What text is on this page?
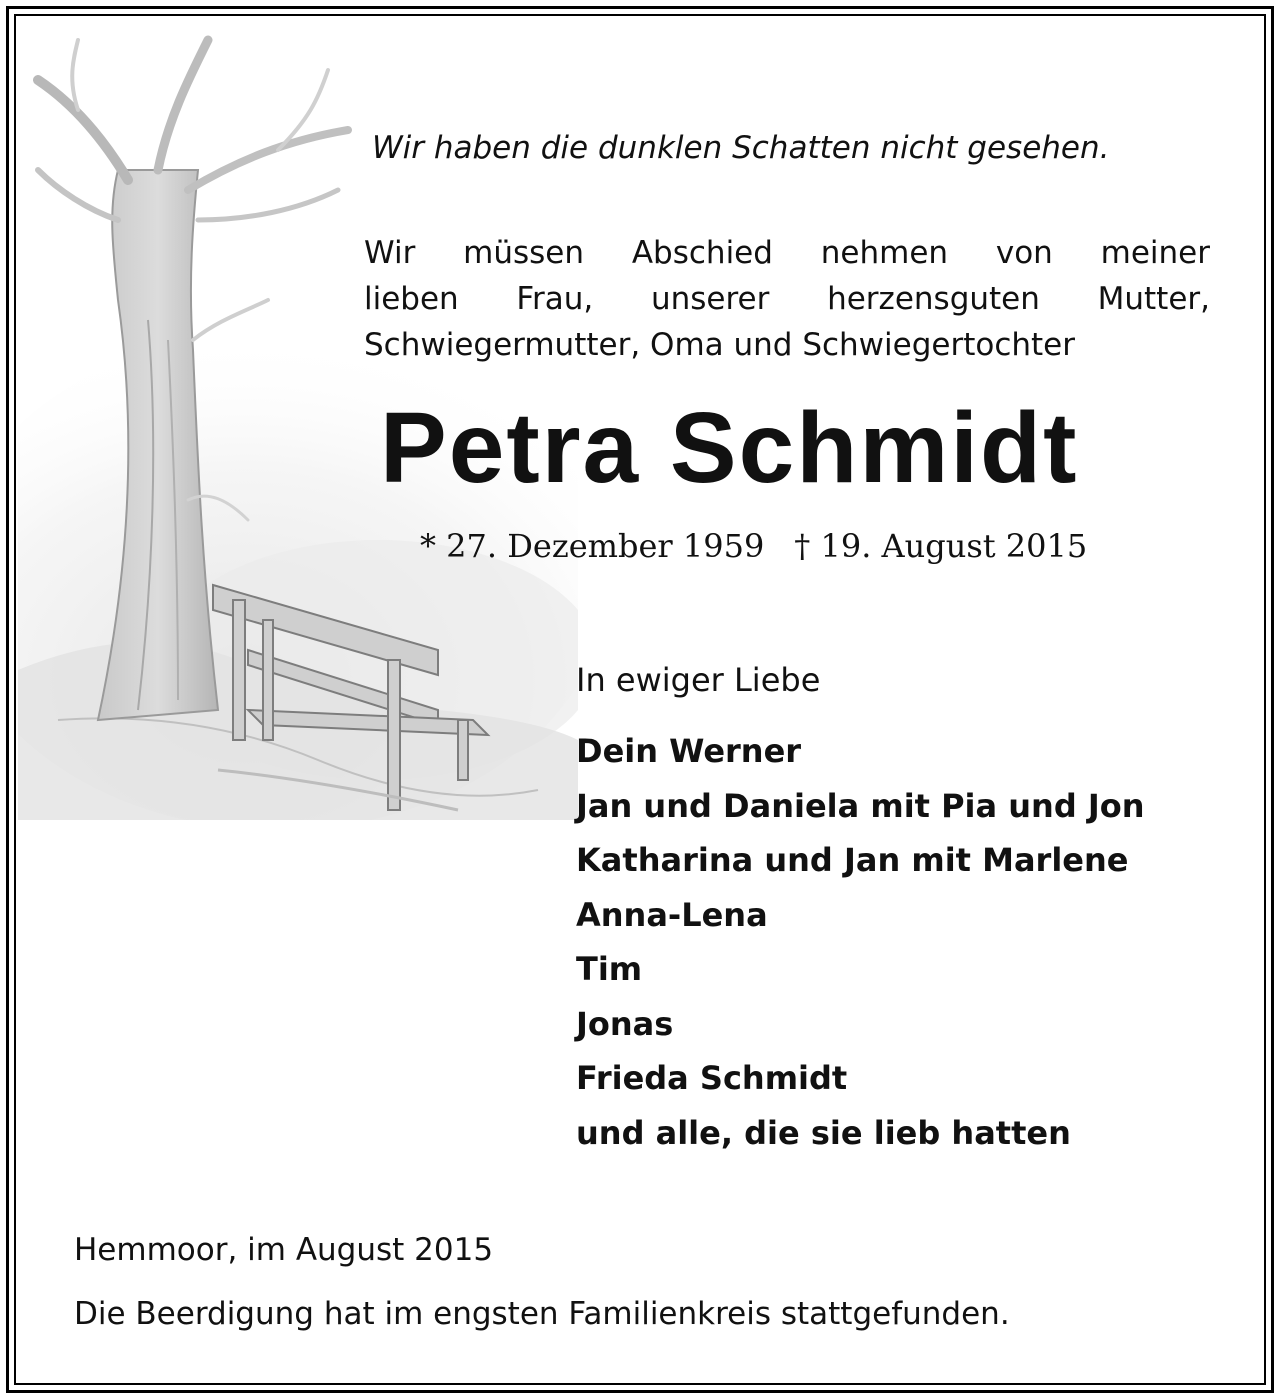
Wir haben die dunklen Schatten nicht gesehen.
Wir müssen Abschied nehmen von meiner
lieben Frau, unserer herzensguten Mutter,
Schwiegermutter, Oma und Schwiegertochter
Petra Schmidt
* 27. Dezember 1959 † 19. August 2015
In ewiger Liebe
Dein Werner
Jan und Daniela mit Pia und Jon
Katharina und Jan mit Marlene
Anna-Lena
Tim
Jonas
Frieda Schmidt
und alle, die sie lieb hatten
Hemmoor, im August 2015
Die Beerdigung hat im engsten Familienkreis stattgefunden.
